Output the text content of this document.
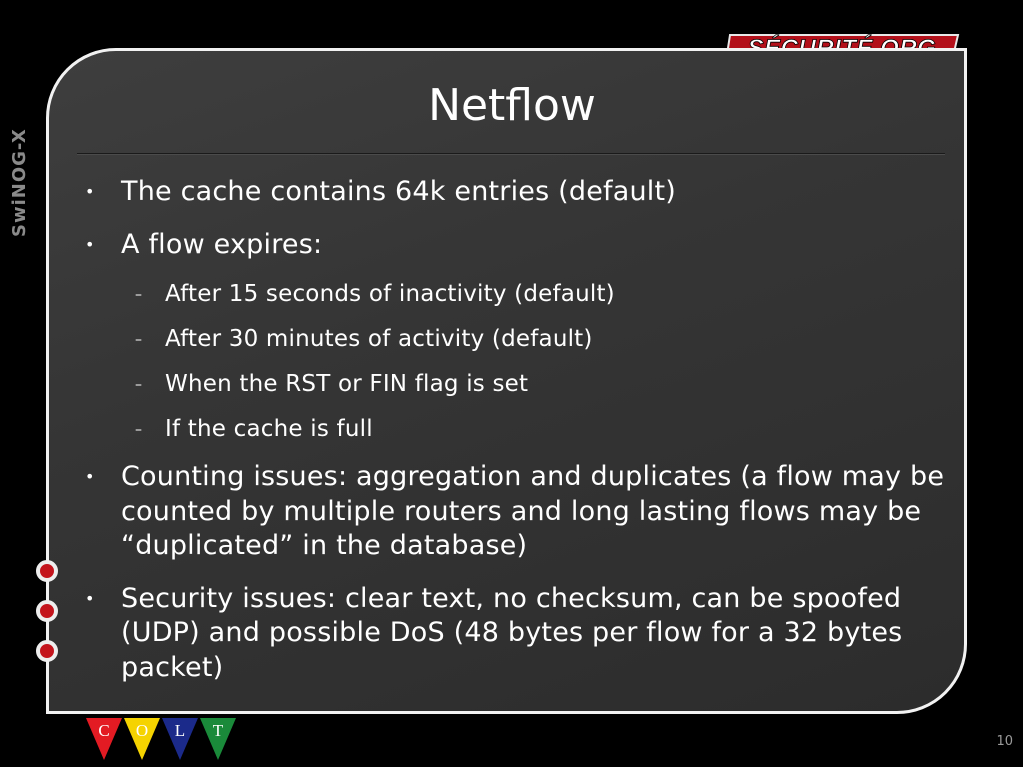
SwiNOG-X
Netflow
• The cache contains 64k entries (default)
• A flow expires:
– After 15 seconds of inactivity (default)
– After 30 minutes of activity (default)
– When the RST or FIN flag is set
– If the cache is full
• Counting issues: aggregation and duplicates (a flow may be counted by multiple routers and long lasting flows may be “duplicated” in the database)
• Security issues: clear text, no checksum, can be spoofed (UDP) and possible DoS (48 bytes per flow for a 32 bytes packet)
C O L T
10
